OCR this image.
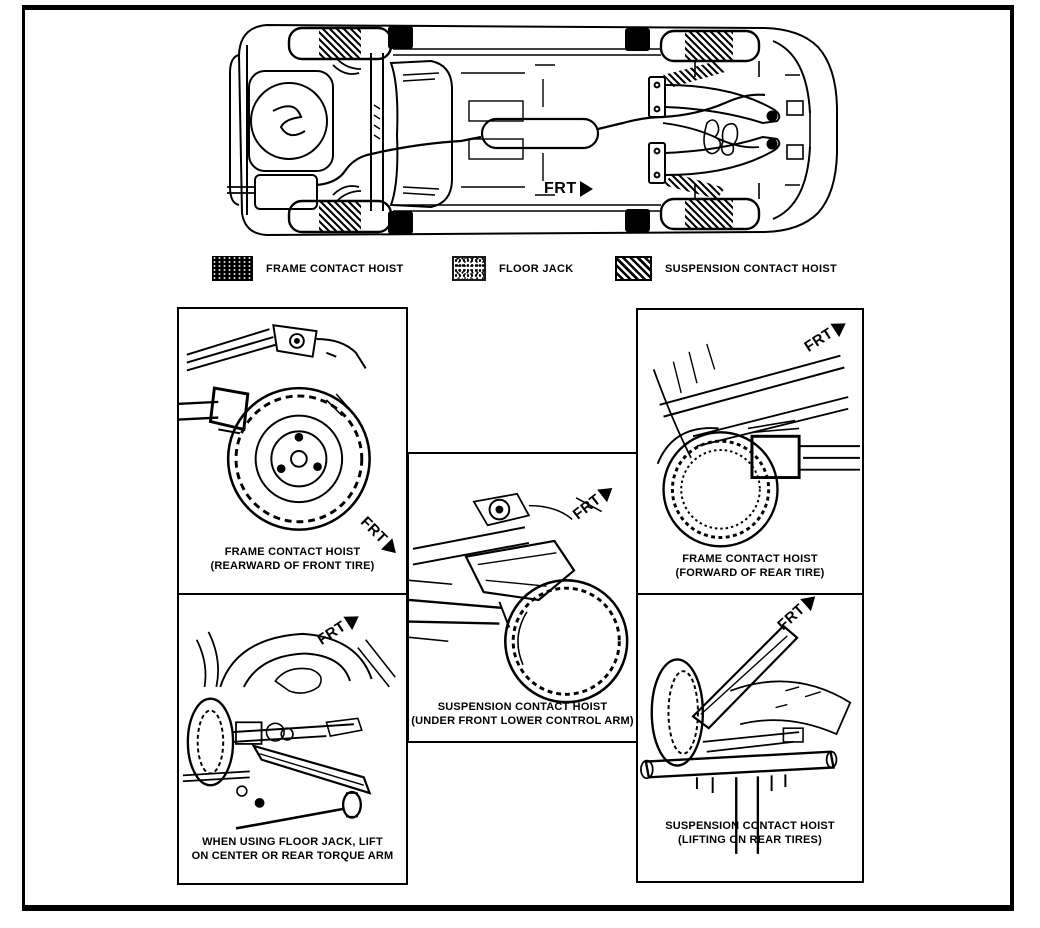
FRT
FRAME CONTACT HOIST	FLOOR JACK	SUSPENSION CONTACT HOIST
FRT
FRAME CONTACT HOIST
(REARWARD OF FRONT TIRE)
FRT
WHEN USING FLOOR JACK, LIFT
ON CENTER OR REAR TORQUE ARM
FRT
SUSPENSION CONTACT HOIST
(UNDER FRONT LOWER CONTROL ARM)
FRT
FRAME CONTACT HOIST
(FORWARD OF REAR TIRE)
FRT
SUSPENSION CONTACT HOIST
(LIFTING ON REAR TIRES)
